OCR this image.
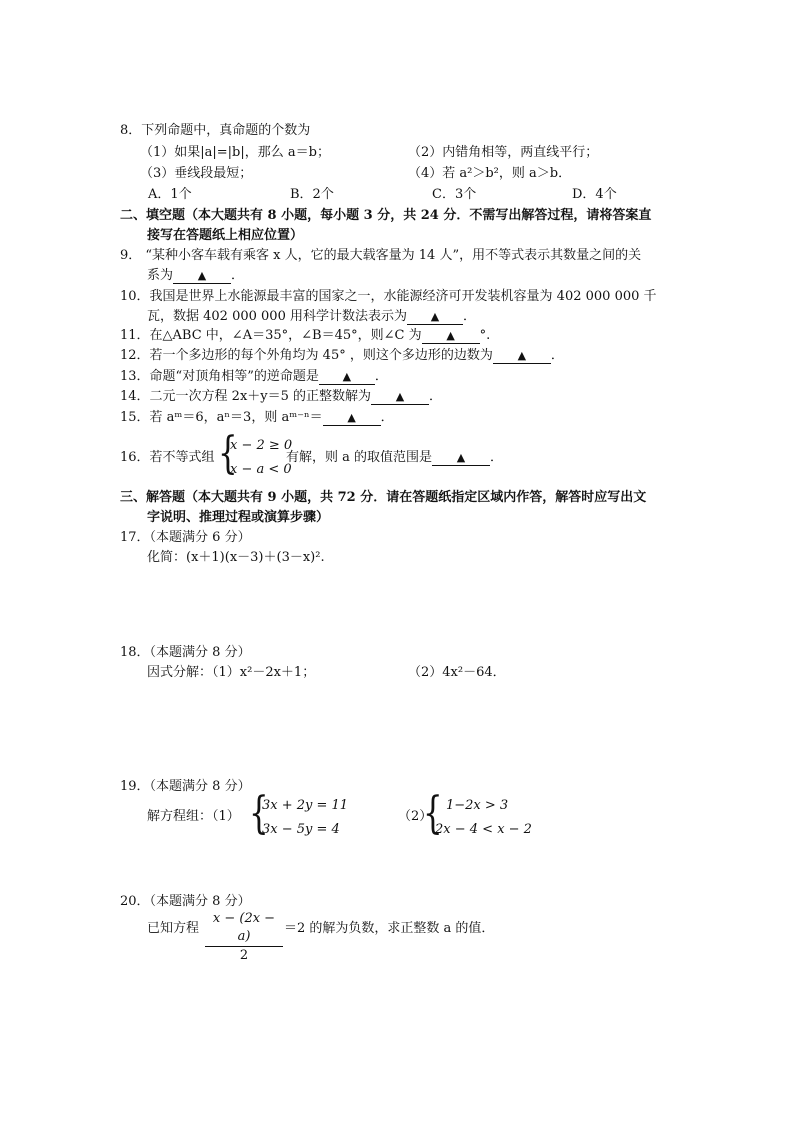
8．下列命题中，真命题的个数为
（1）如果|a|=|b|，那么 a＝b；	（2）内错角相等，两直线平行；
（3）垂线段最短；	（4）若 a²＞b²，则 a＞b．
A．1个	B．2个	C．3个	D．4个
二、填空题（本大题共有 8 小题，每小题 3 分，共 24 分．不需写出解答过程，请将答案直
接写在答题纸上相应位置）
9． “某种小客车载有乘客 x 人，它的最大载客量为 14 人”，用不等式表示其数量之间的关
系为 ▲ ．
10．我国是世界上水能源最丰富的国家之一，水能源经济可开发装机容量为 402 000 000 千
瓦，数据 402 000 000 用科学计数法表示为 ▲ ．
11．在△ABC 中，∠A＝35°，∠B＝45°，则∠C 为 ▲ °.
12．若一个多边形的每个外角均为 45° ，则这个多边形的边数为 ▲ ．
13．命题“对顶角相等”的逆命题是 ▲ ．
14．二元一次方程 2x＋y＝5 的正整数解为 ▲ ．
15．若 aᵐ＝6，aⁿ＝3，则 aᵐ⁻ⁿ＝ ▲ ．
16．若不等式组 {
x − 2 ≥ 0
x − a < 0
有解，则 a 的取值范围是 ▲ ．
三、解答题（本大题共有 9 小题，共 72 分．请在答题纸指定区域内作答，解答时应写出文
字说明、推理过程或演算步骤）
17．（本题满分 6 分）
化简：(x＋1)(x－3)＋(3－x)².
18．（本题满分 8 分）
因式分解：（1）x²－2x＋1；	（2）4x²－64．
19．（本题满分 8 分）
解方程组：（1） {
3x + 2y = 11
3x − 5y = 4
（2）
{ 1−2x > 3
2x − 4 < x − 2
20．（本题满分 8 分）
已知方程
x − (2x − a)
2
＝2 的解为负数，求正整数 a 的值．
